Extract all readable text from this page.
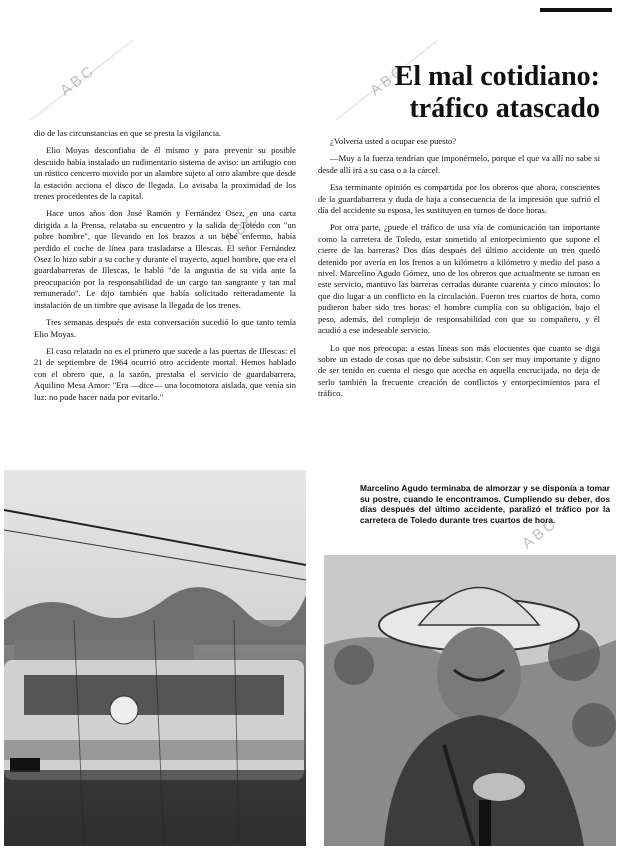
ABC	ABC
ABC
ABC
El mal cotidiano:
tráfico atascado

dio de las circunstancias en que se presta la vigilancia.

Elio Moyas desconfiaba de él mismo y para prevenir su posible descuido había instalado un rudimentario sistema de aviso: un artilugio con un rústico cencerro movido por un alambre sujeto al otro alambre que desde la estación acciona el disco de llegada. Lo avisaba la proximidad de los trenes procedentes de la capital.

Hace unos años don José Ramón y Fernández Osez, en una carta dirigida a la Prensa, relataba su encuentro y la salida de Toledo con "un pobre hombre", que llevando en los brazos a un bebé enfermo, había perdido el coche de línea para trasladarse a Illescas. El señor Fernández Osez lo hizo subir a su coche y durante el trayecto, aquel hombre, que era el guardabarreras de Illescas, le habló "de la angustia de su vida ante la preocupación por la responsabilidad de un cargo tan sangrante y tan mal remunerado". Le dijo también que había solicitado reiteradamente la instalación de un timbre que avisase la llegada de los trenes.

Tres semanas después de esta conversación sucedió lo que tanto temía Elio Moyas.

El caso relatado no es el primero que sucede a las puertas de Illescas: el 21 de septiembre de 1964 ocurrió otro accidente mortal. Hemos hablado con el obrero que, a la sazón, prestaba el servicio de guardabarrera, Aquilino Mesa Amor: "Era —dice— una locomotora aislada, que venía sin luz: no pude hacer nada por evitarlo."

¿Volvería usted a ocupar ese puesto?

—Muy a la fuerza tendrían que imponérmelo, porque el que va allí no sabe si desde allí irá a su casa o a la cárcel.

Esa terminante opinión es compartida por los obreros que ahora, conscientes de la guardabarrera y duda de baja a consecuencia de la impresión que sufrió el día del accidente su esposa, les sustituyen en turnos de doce horas.

Por otra parte, ¿puede el tráfico de una vía de comunicación tan importante como la carretera de Toledo, estar sometido al entorpecimiento que supone el cierre de las barreras? Dos días después del último accidente un tren quedó detenido por avería en los frenos a un kilómetro a kilómetro y medio del paso a nivel. Marcelino Agudo Gómez, uno de los obreros que actualmente se turnan en este servicio, mantuvo las barreras cerradas durante cuarenta y cinco minutos: lo que dio lugar a un conflicto en la circulación. Fueron tres cuartos de hora, como pudieron haber sido tres horas: el hombre cumplía con su obligación, bajo el peso, además, del complejo de responsabilidad con que su compañero, y él acudió a ese indeseable servicio.

Lo que nos preocupa: a estas líneas son más elocuentes que cuanto se diga sobre un estado de cosas que no debe subsistir. Con ser muy importante y digno de ser tenido en cuenta el riesgo que acecha en aquella encrucijada, no deja de serlo también la frecuente creación de conflictos y entorpecimientos para el tráfico.

Marcelino Agudo terminaba de almorzar y se disponía a tomar su postre, cuando le encontramos. Cumpliendo su deber, dos días después del último accidente, paralizó el tráfico por la carretera de Toledo durante tres cuartos de hora.
